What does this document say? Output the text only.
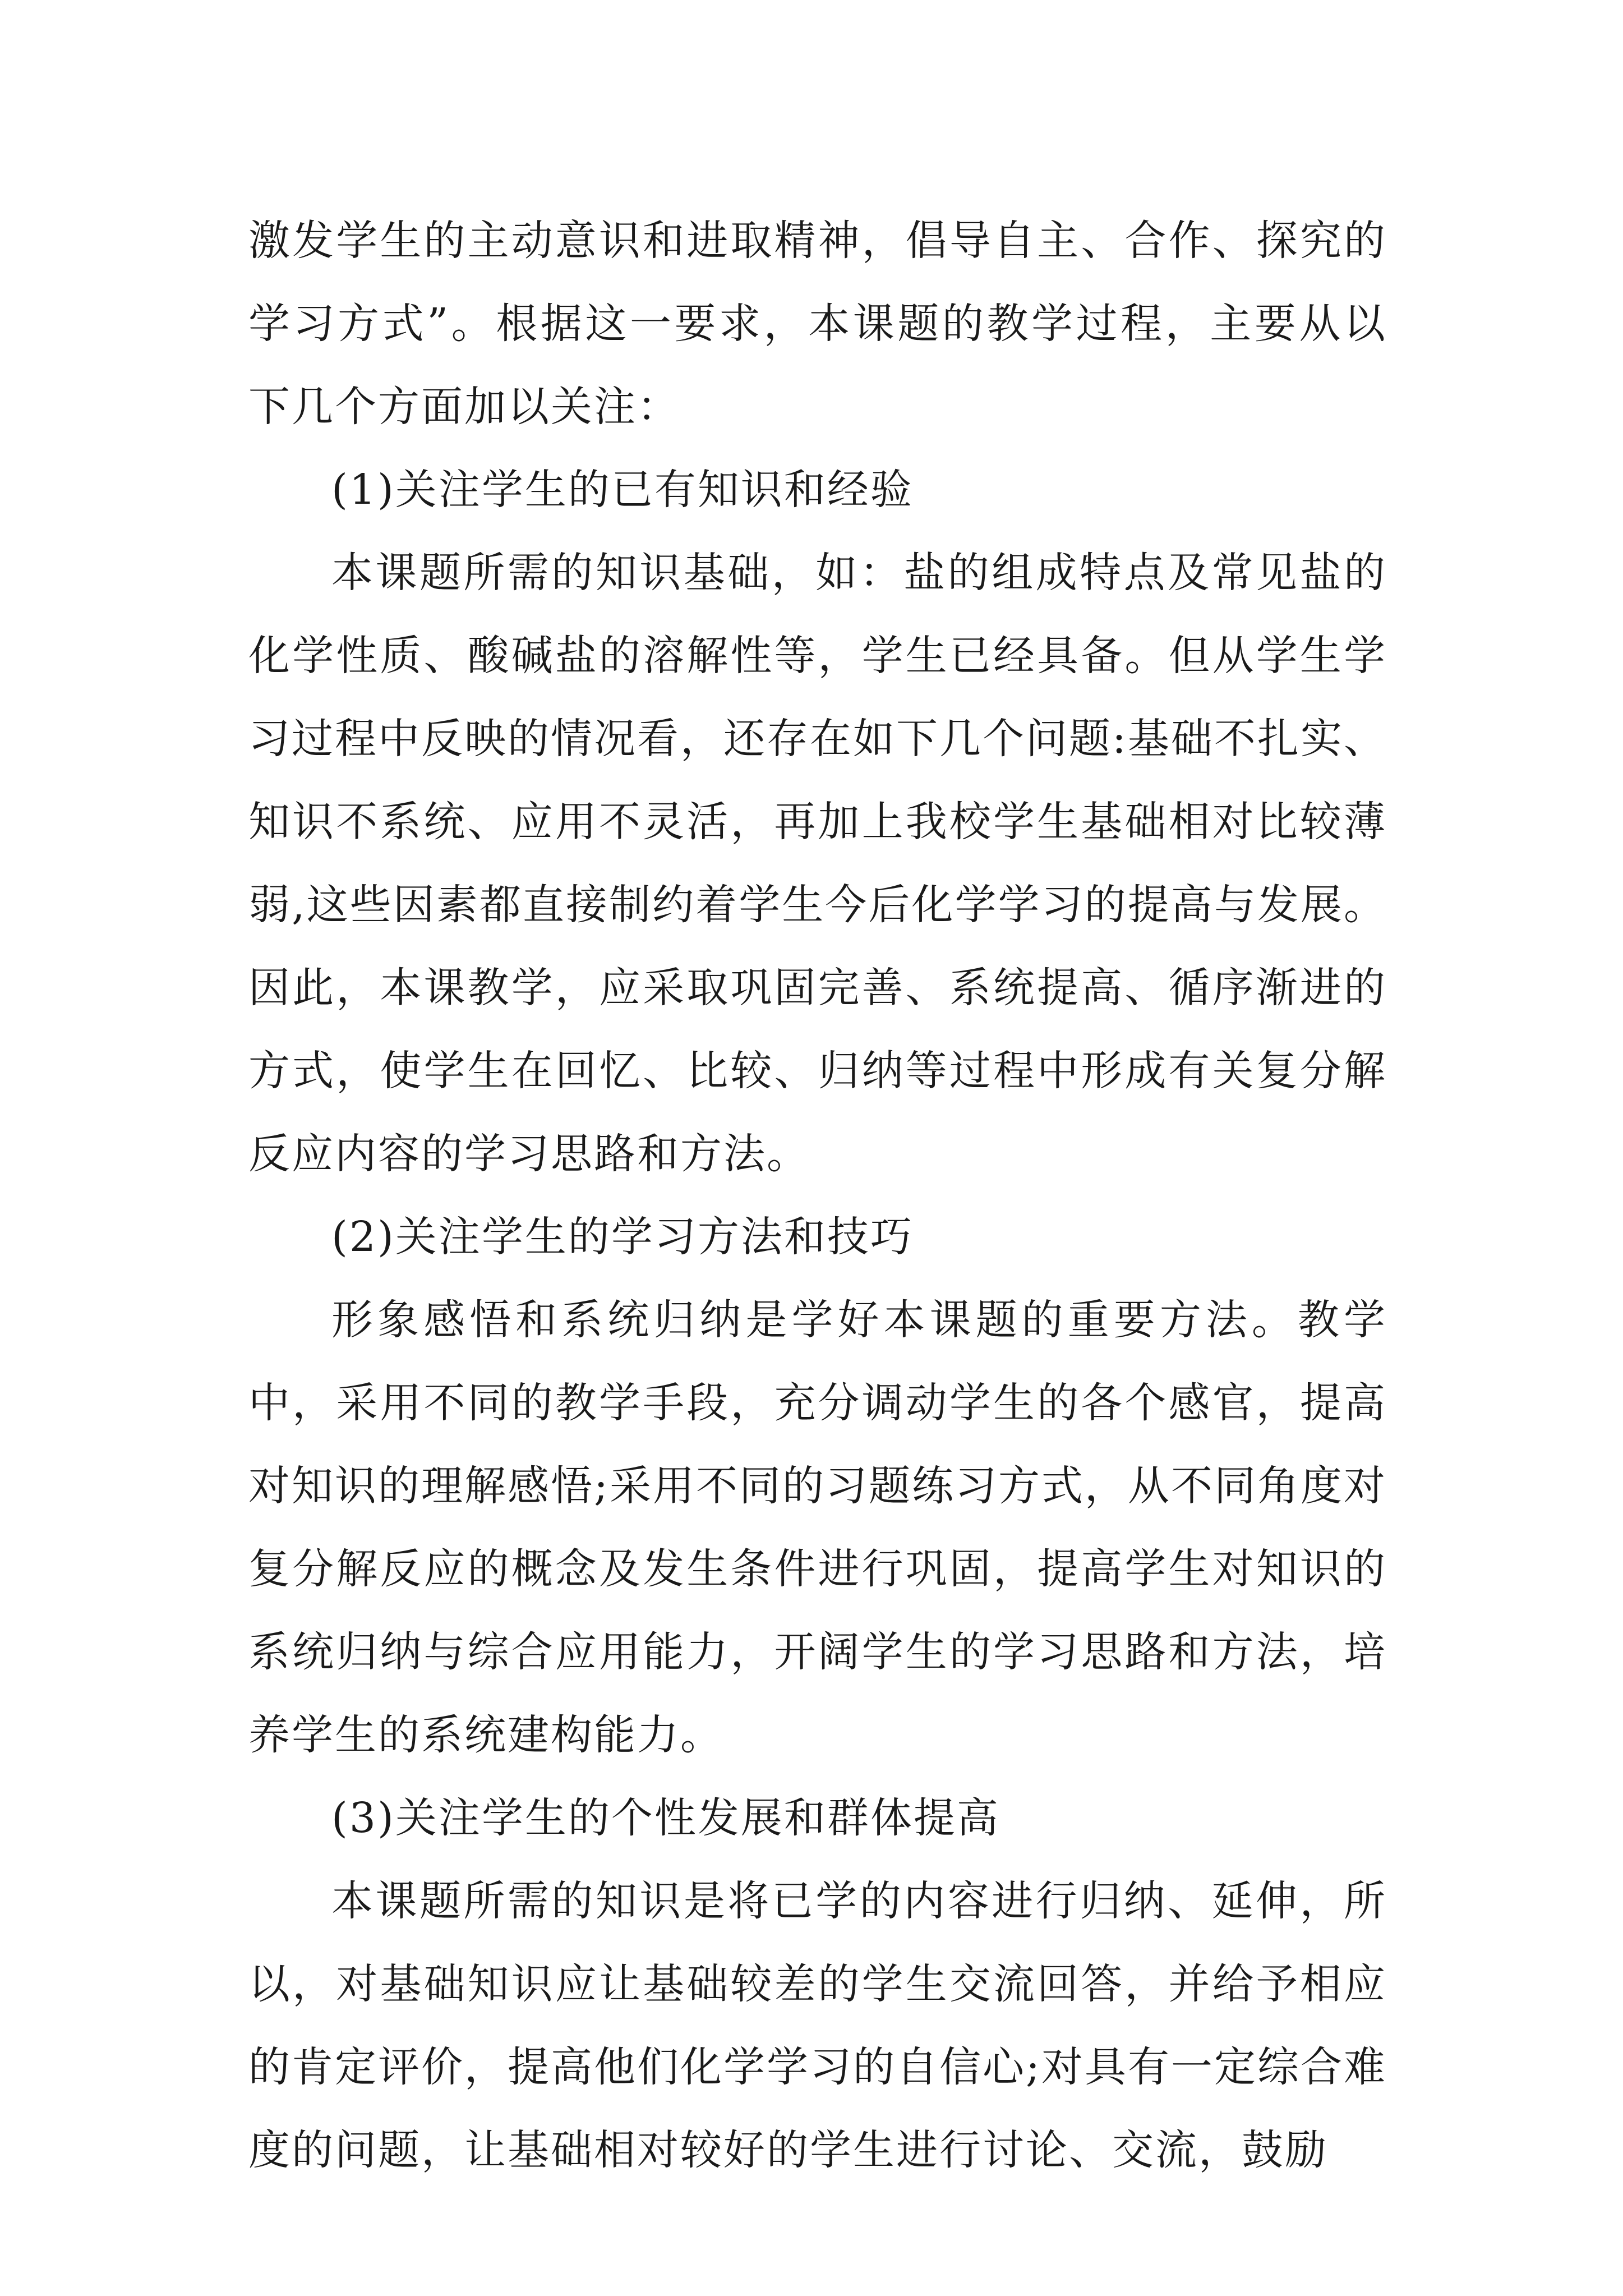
激发学生的主动意识和进取精神，倡导自主、合作、探究的学习方式”。根据这一要求，本课题的教学过程，主要从以下几个方面加以关注：

(1)关注学生的已有知识和经验

本课题所需的知识基础，如：盐的组成特点及常见盐的化学性质、酸碱盐的溶解性等，学生已经具备。但从学生学习过程中反映的情况看，还存在如下几个问题:基础不扎实、知识不系统、应用不灵活，再加上我校学生基础相对比较薄弱,这些因素都直接制约着学生今后化学学习的提高与发展。因此，本课教学，应采取巩固完善、系统提高、循序渐进的方式，使学生在回忆、比较、归纳等过程中形成有关复分解反应内容的学习思路和方法。

(2)关注学生的学习方法和技巧

形象感悟和系统归纳是学好本课题的重要方法。教学中，采用不同的教学手段，充分调动学生的各个感官，提高对知识的理解感悟;采用不同的习题练习方式，从不同角度对复分解反应的概念及发生条件进行巩固，提高学生对知识的系统归纳与综合应用能力，开阔学生的学习思路和方法，培养学生的系统建构能力。

(3)关注学生的个性发展和群体提高

本课题所需的知识是将已学的内容进行归纳、延伸，所以，对基础知识应让基础较差的学生交流回答，并给予相应的肯定评价，提高他们化学学习的自信心;对具有一定综合难度的问题，让基础相对较好的学生进行讨论、交流，鼓励
